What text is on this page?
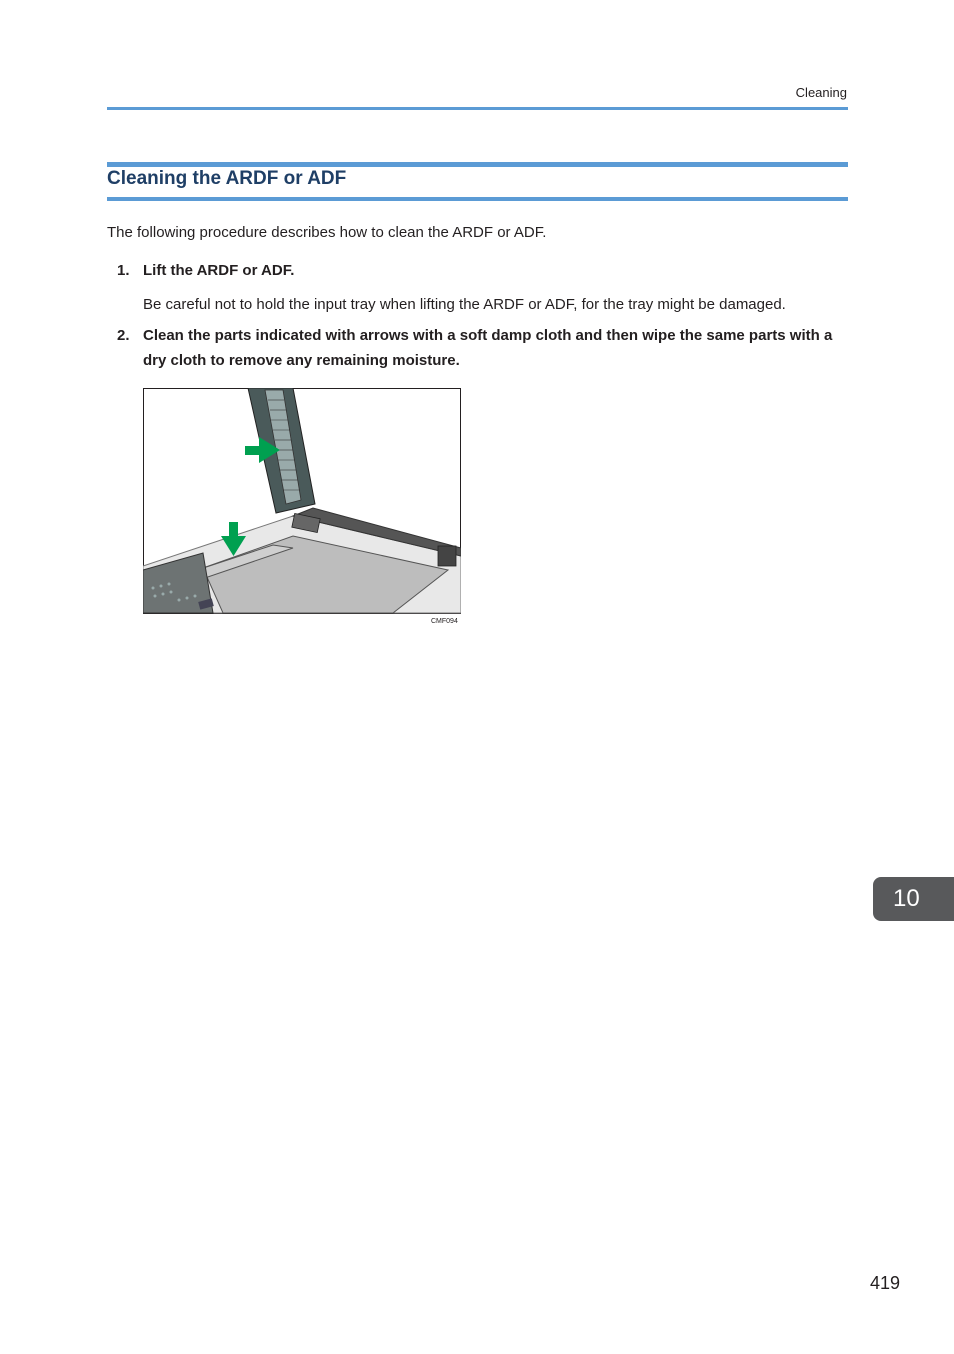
Cleaning
Cleaning the ARDF or ADF
The following procedure describes how to clean the ARDF or ADF.
1. Lift the ARDF or ADF.
Be careful not to hold the input tray when lifting the ARDF or ADF, for the tray might be damaged.
2. Clean the parts indicated with arrows with a soft damp cloth and then wipe the same parts with a dry cloth to remove any remaining moisture.
CMF094
10
419
